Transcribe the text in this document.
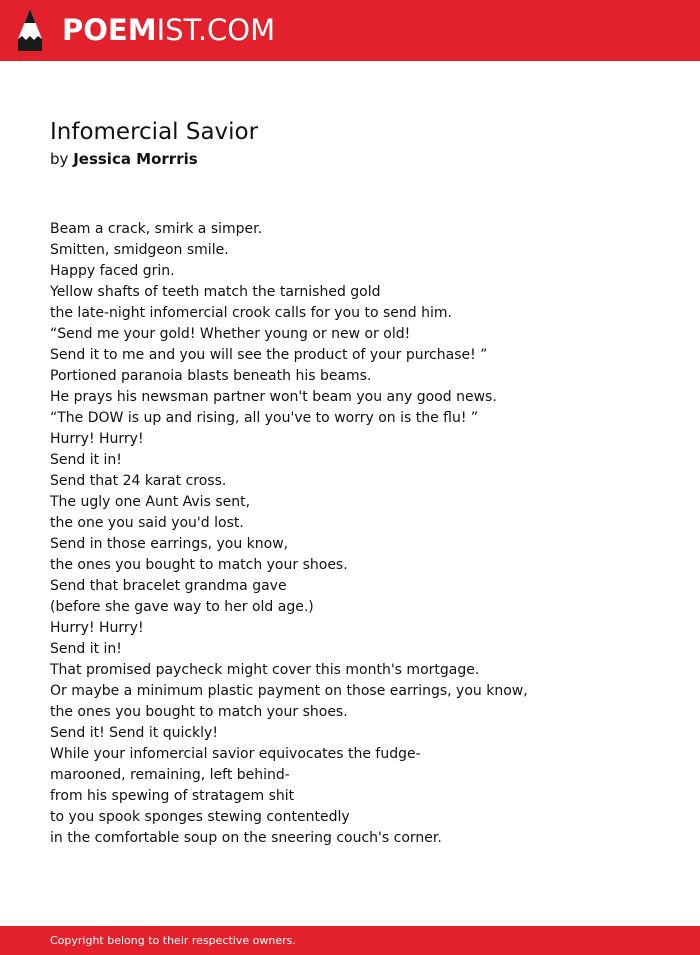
POEMIST.COM
Infomercial Savior
by Jessica Morrris
Beam a crack, smirk a simper.
Smitten, smidgeon smile.
Happy faced grin.
Yellow shafts of teeth match the tarnished gold
the late-night infomercial crook calls for you to send him.
“Send me your gold! Whether young or new or old!
Send it to me and you will see the product of your purchase! ”
Portioned paranoia blasts beneath his beams.
He prays his newsman partner won't beam you any good news.
“The DOW is up and rising, all you've to worry on is the flu! ”
Hurry! Hurry!
Send it in!
Send that 24 karat cross.
The ugly one Aunt Avis sent,
the one you said you'd lost.
Send in those earrings, you know,
the ones you bought to match your shoes.
Send that bracelet grandma gave
(before she gave way to her old age.)
Hurry! Hurry!
Send it in!
That promised paycheck might cover this month's mortgage.
Or maybe a minimum plastic payment on those earrings, you know,
the ones you bought to match your shoes.
Send it! Send it quickly!
While your infomercial savior equivocates the fudge-
marooned, remaining, left behind-
from his spewing of stratagem shit
to you spook sponges stewing contentedly
in the comfortable soup on the sneering couch's corner.
Copyright belong to their respective owners.
